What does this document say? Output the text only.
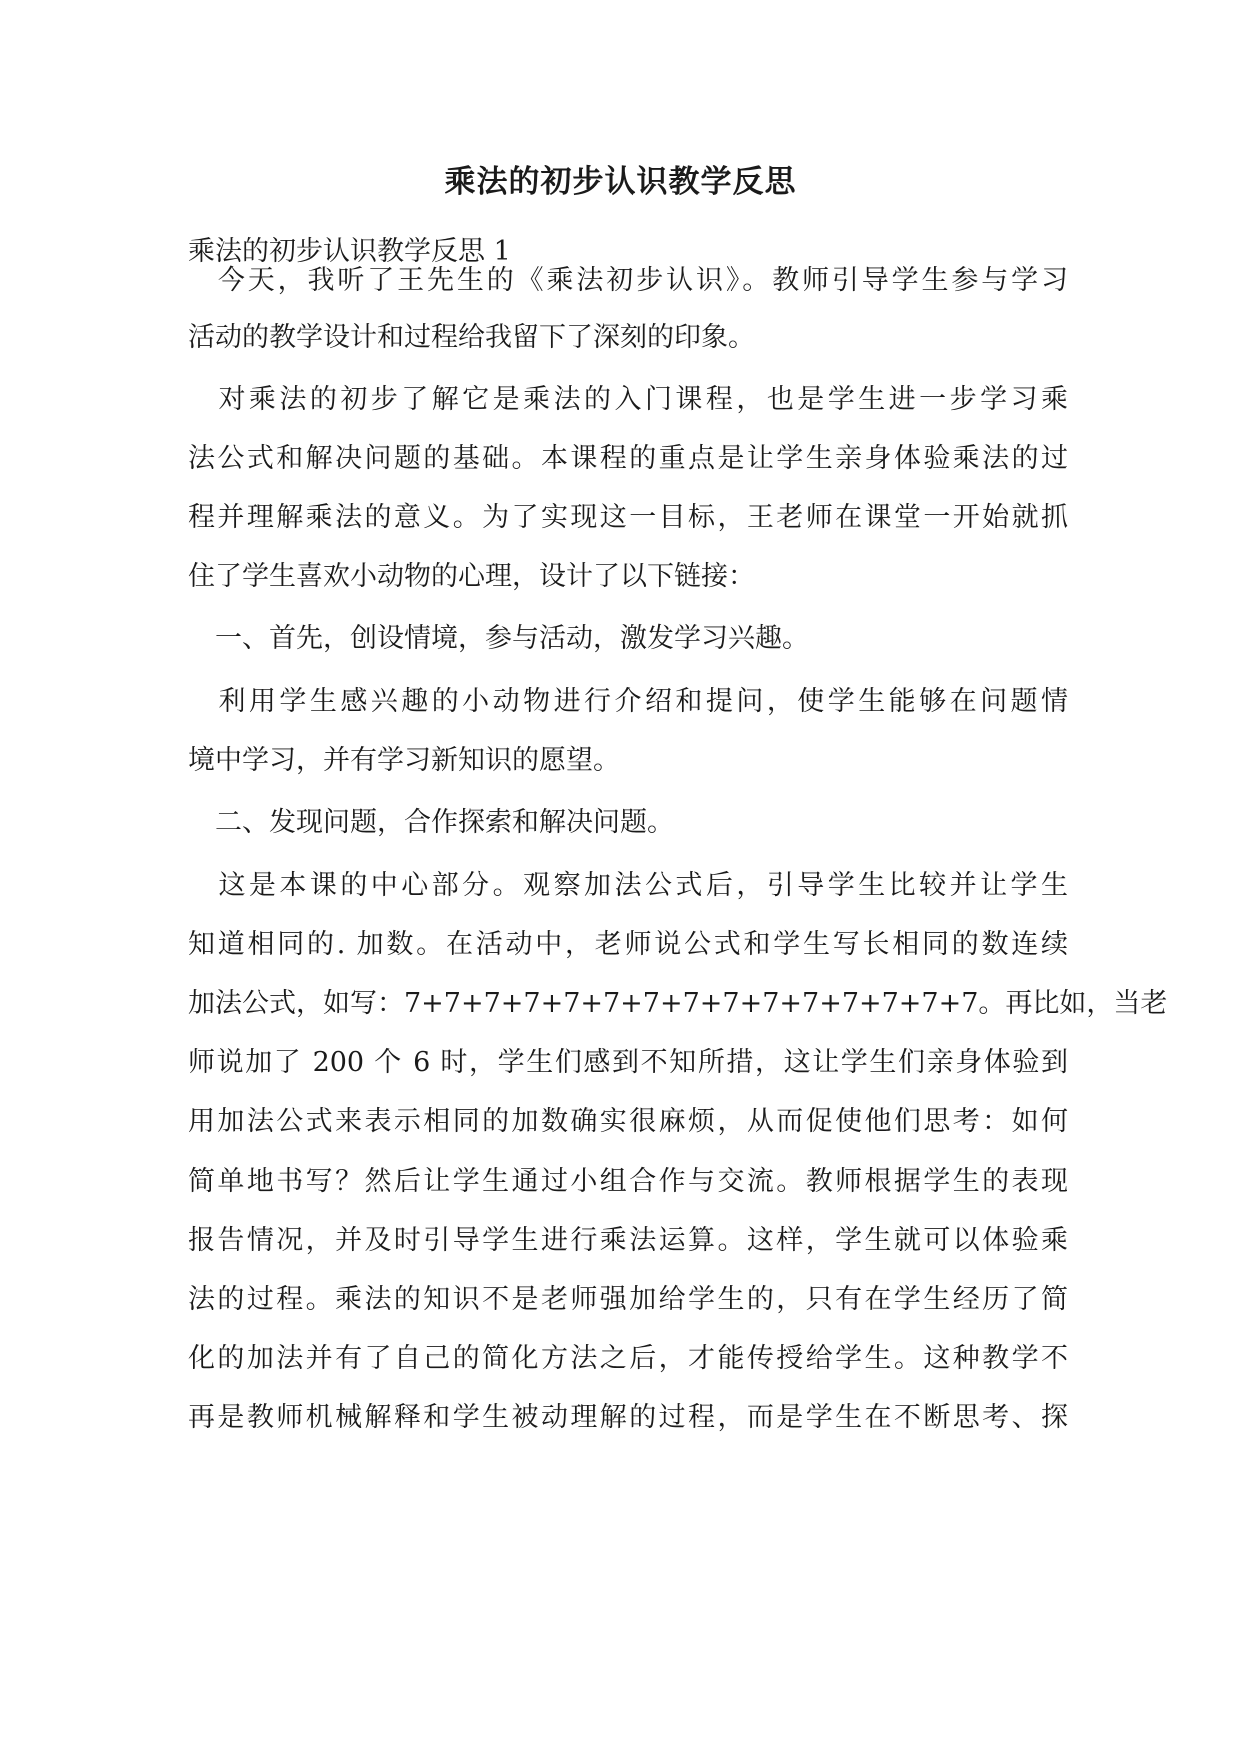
乘法的初步认识教学反思
乘法的初步认识教学反思 1
　今天，我听了王先生的《乘法初步认识》。教师引导学生参与学习
活动的教学设计和过程给我留下了深刻的印象。
　对乘法的初步了解它是乘法的入门课程，也是学生进一步学习乘
法公式和解决问题的基础。本课程的重点是让学生亲身体验乘法的过
程并理解乘法的意义。为了实现这一目标，王老师在课堂一开始就抓
住了学生喜欢小动物的心理，设计了以下链接：
　一、首先，创设情境，参与活动，激发学习兴趣。
　利用学生感兴趣的小动物进行介绍和提问，使学生能够在问题情
境中学习，并有学习新知识的愿望。
　二、发现问题，合作探索和解决问题。
　这是本课的中心部分。观察加法公式后，引导学生比较并让学生
知道相同的. 加数。在活动中，老师说公式和学生写长相同的数连续
加法公式，如写：7+7+7+7+7+7+7+7+7+7+7+7+7+7+7。再比如，当老
师说加了 200 个 6 时，学生们感到不知所措，这让学生们亲身体验到
用加法公式来表示相同的加数确实很麻烦，从而促使他们思考：如何
简单地书写？然后让学生通过小组合作与交流。教师根据学生的表现
报告情况，并及时引导学生进行乘法运算。这样，学生就可以体验乘
法的过程。乘法的知识不是老师强加给学生的，只有在学生经历了简
化的加法并有了自己的简化方法之后，才能传授给学生。这种教学不
再是教师机械解释和学生被动理解的过程，而是学生在不断思考、探
